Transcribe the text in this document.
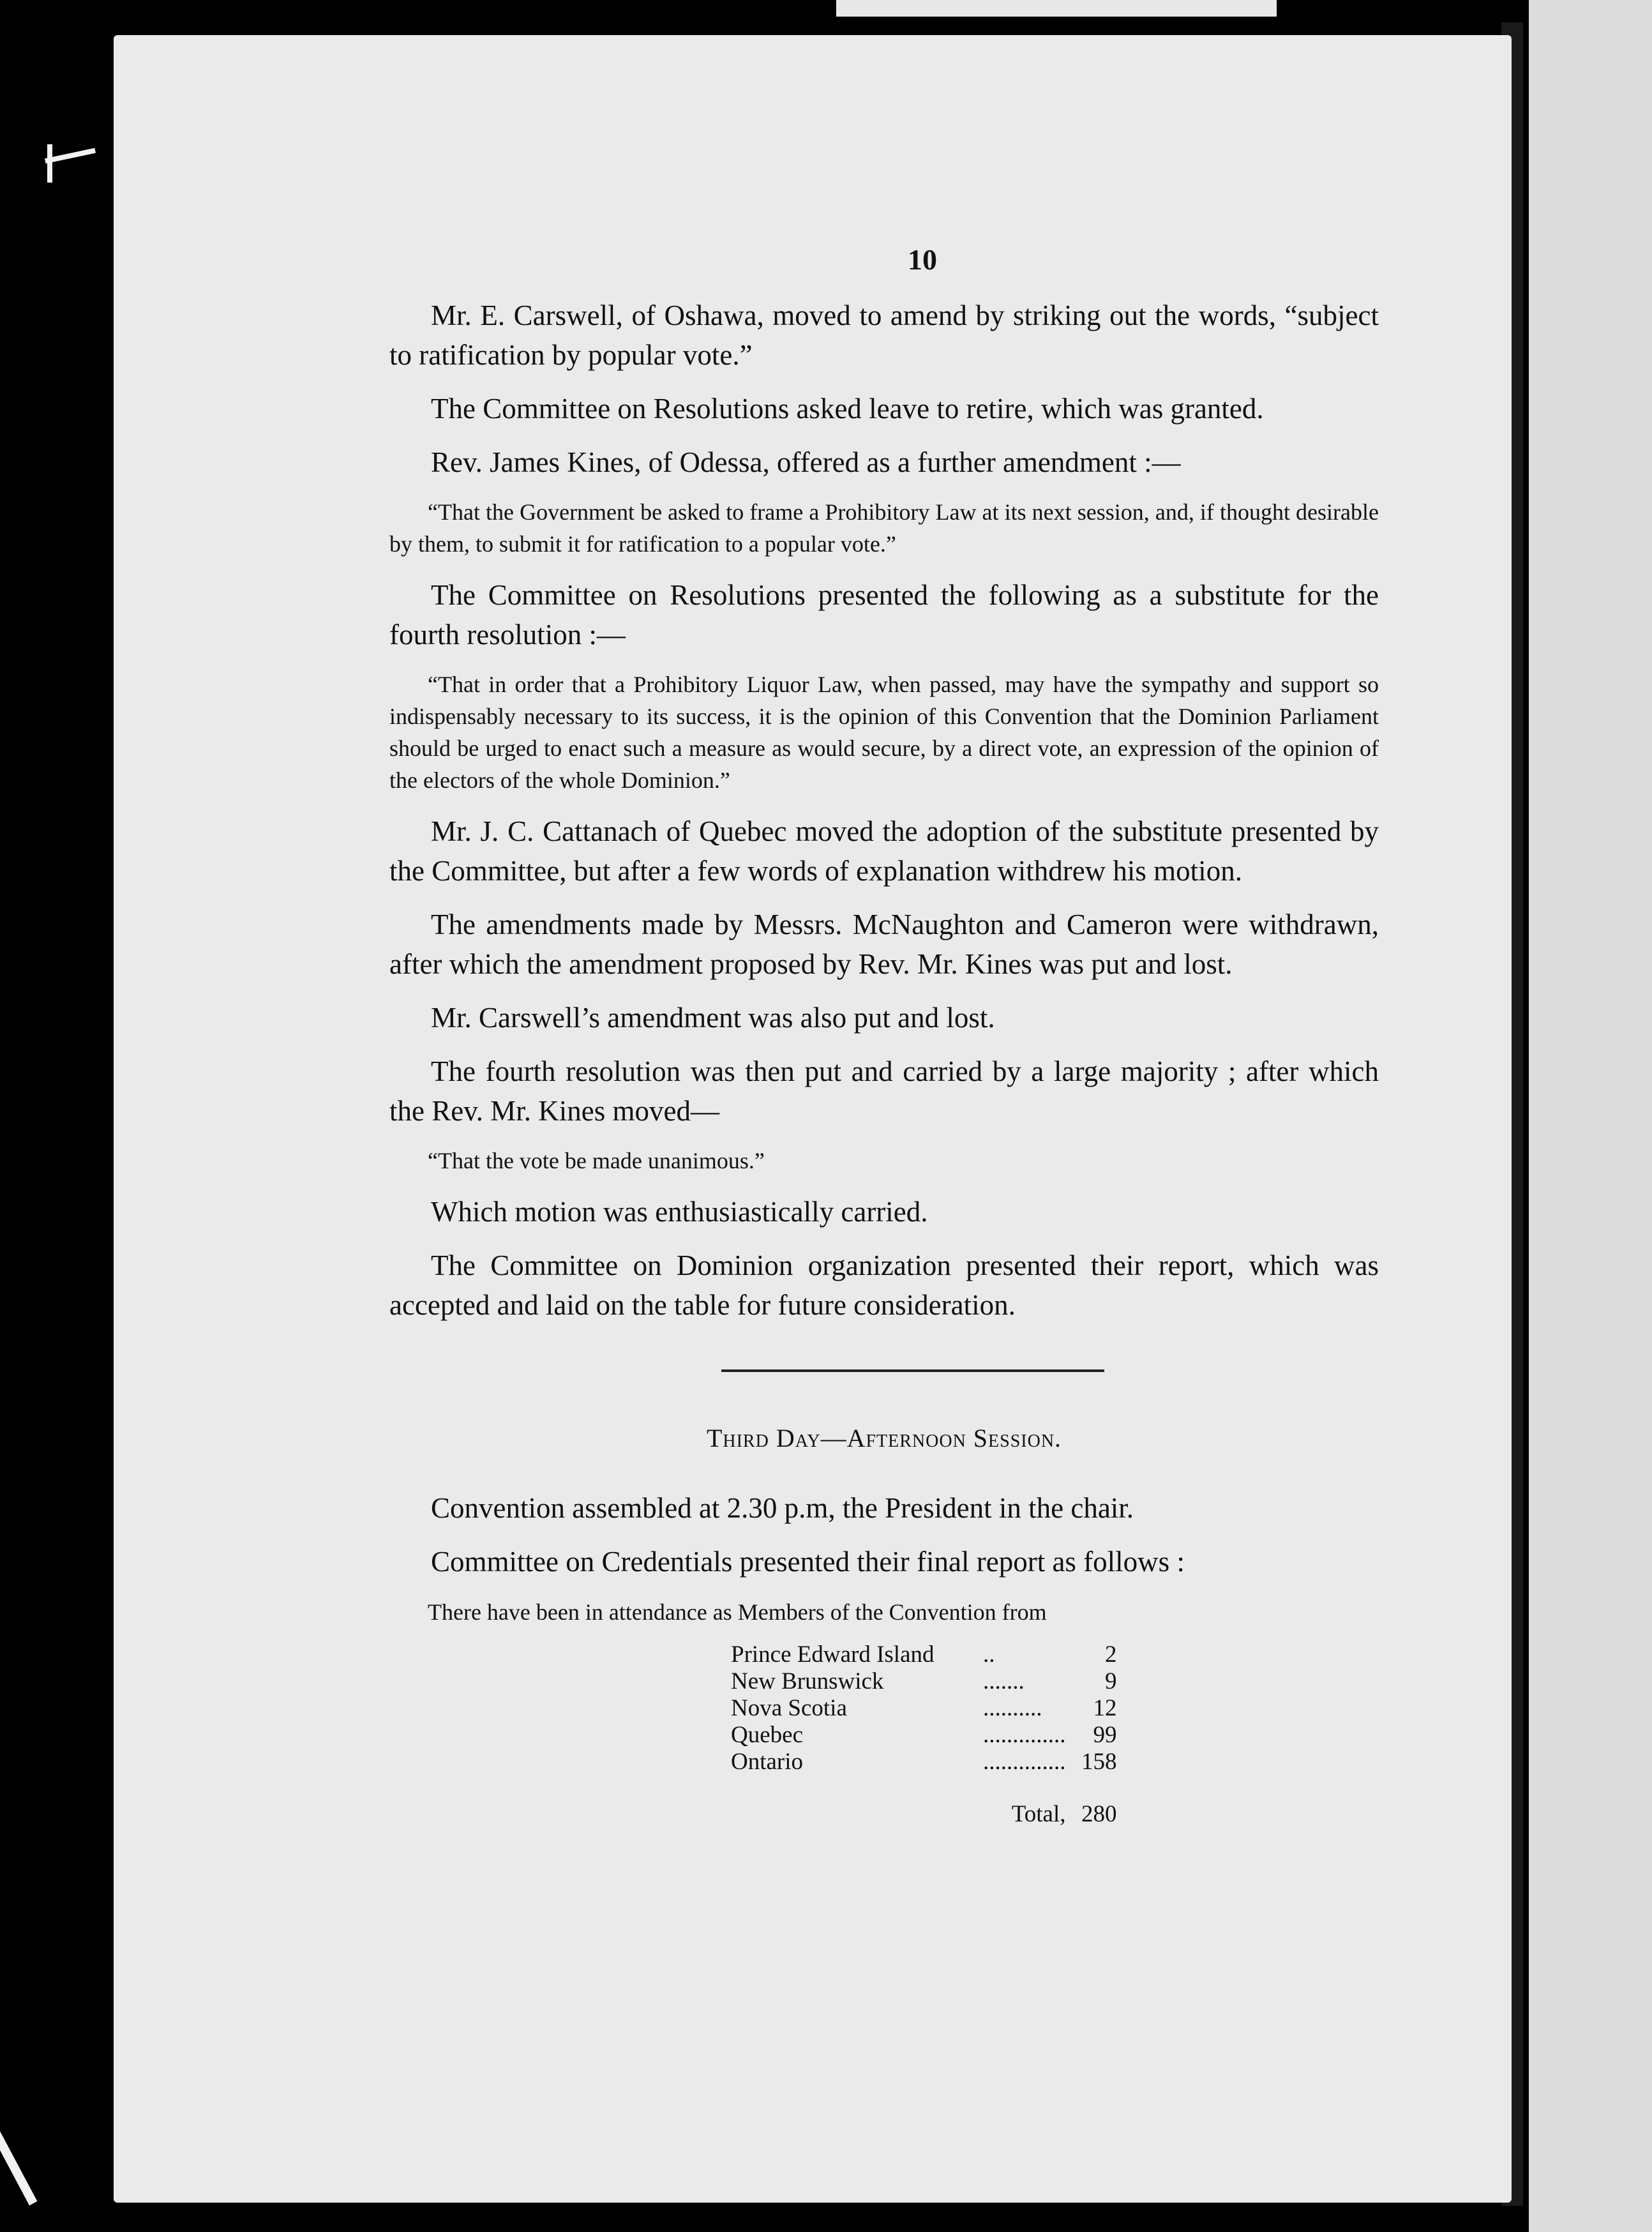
10

Mr. E. Carswell, of Oshawa, moved to amend by striking out the words, “subject to ratification by popular vote.”

The Committee on Resolutions asked leave to retire, which was granted.

Rev. James Kines, of Odessa, offered as a further amendment :—

“That the Government be asked to frame a Prohibitory Law at its next session, and, if thought desirable by them, to submit it for ratification to a popular vote.”

The Committee on Resolutions presented the following as a substitute for the fourth resolution :—

“That in order that a Prohibitory Liquor Law, when passed, may have the sympathy and support so indispensably necessary to its success, it is the opinion of this Convention that the Dominion Parliament should be urged to enact such a measure as would secure, by a direct vote, an expression of the opinion of the electors of the whole Dominion.”

Mr. J. C. Cattanach of Quebec moved the adoption of the substitute presented by the Committee, but after a few words of explanation withdrew his motion.

The amendments made by Messrs. McNaughton and Cameron were withdrawn, after which the amendment proposed by Rev. Mr. Kines was put and lost.

Mr. Carswell’s amendment was also put and lost.

The fourth resolution was then put and carried by a large majority ; after which the Rev. Mr. Kines moved—

“That the vote be made unanimous.”

Which motion was enthusiastically carried.

The Committee on Dominion organization presented their report, which was accepted and laid on the table for future consideration.

Third Day—Afternoon Session.

Convention assembled at 2.30 p.m, the President in the chair.

Committee on Credentials presented their final report as follows :

There have been in attendance as Members of the Convention from

Prince Edward Island	..	2
New Brunswick	.......	9
Nova Scotia	..........	12
Quebec	..............	99
Ontario	..............	158
Total,		280
